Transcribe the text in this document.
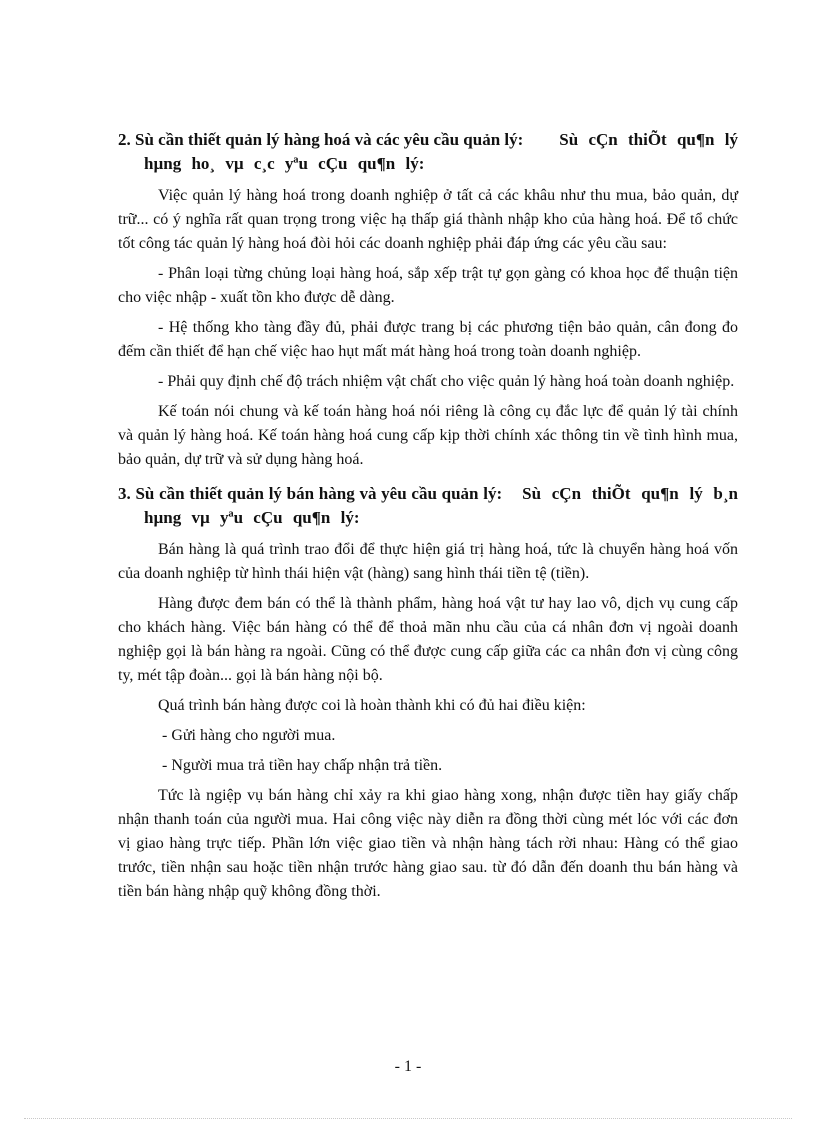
2. Sù cần thiết quản lý hàng hoá và các yêu cầu quản lý: Sù cÇn thiÕt qu¶n lý hµng ho¸ vµ c¸c yªu cÇu qu¶n lý:

Việc quản lý hàng hoá trong doanh nghiệp ở tất cả các khâu như thu mua, bảo quản, dự trữ... có ý nghĩa rất quan trọng trong việc hạ thấp giá thành nhập kho của hàng hoá. Để tổ chức tốt công tác quản lý hàng hoá đòi hỏi các doanh nghiệp phải đáp ứng các yêu cầu sau:

- Phân loại từng chủng loại hàng hoá, sắp xếp trật tự gọn gàng có khoa học để thuận tiện cho việc nhập - xuất tồn kho được dễ dàng.

- Hệ thống kho tàng đầy đủ, phải được trang bị các phương tiện bảo quản, cân đong đo đếm cần thiết để hạn chế việc hao hụt mất mát hàng hoá trong toàn doanh nghiệp.

- Phải quy định chế độ trách nhiệm vật chất cho việc quản lý hàng hoá toàn doanh nghiệp.

Kế toán nói chung và kế toán hàng hoá nói riêng là công cụ đắc lực để quản lý tài chính và quản lý hàng hoá. Kế toán hàng hoá cung cấp kịp thời chính xác thông tin về tình hình mua, bảo quản, dự trữ và sử dụng hàng hoá.

3. Sù cần thiết quản lý bán hàng và yêu cầu quản lý: Sù cÇn thiÕt qu¶n lý b¸n hµng vµ yªu cÇu qu¶n lý:

Bán hàng là quá trình trao đổi để thực hiện giá trị hàng hoá, tức là chuyển hàng hoá vốn của doanh nghiệp từ hình thái hiện vật (hàng) sang hình thái tiền tệ (tiền).

Hàng được đem bán có thể là thành phẩm, hàng hoá vật tư hay lao vô, dịch vụ cung cấp cho khách hàng. Việc bán hàng có thể để thoả mãn nhu cầu của cá nhân đơn vị ngoài doanh nghiệp gọi là bán hàng ra ngoài. Cũng có thể được cung cấp giữa các ca nhân đơn vị cùng công ty, mét tập đoàn... gọi là bán hàng nội bộ.

Quá trình bán hàng được coi là hoàn thành khi có đủ hai điều kiện:

- Gửi hàng cho người mua.

- Người mua trả tiền hay chấp nhận trả tiền.

Tức là ngiệp vụ bán hàng chỉ xảy ra khi giao hàng xong, nhận được tiền hay giấy chấp nhận thanh toán của người mua. Hai công việc này diễn ra đồng thời cùng mét lóc với các đơn vị giao hàng trực tiếp. Phần lớn việc giao tiền và nhận hàng tách rời nhau: Hàng có thể giao trước, tiền nhận sau hoặc tiền nhận trước hàng giao sau. từ đó dẫn đến doanh thu bán hàng và tiền bán hàng nhập quỹ không đồng thời.

- 1 -
